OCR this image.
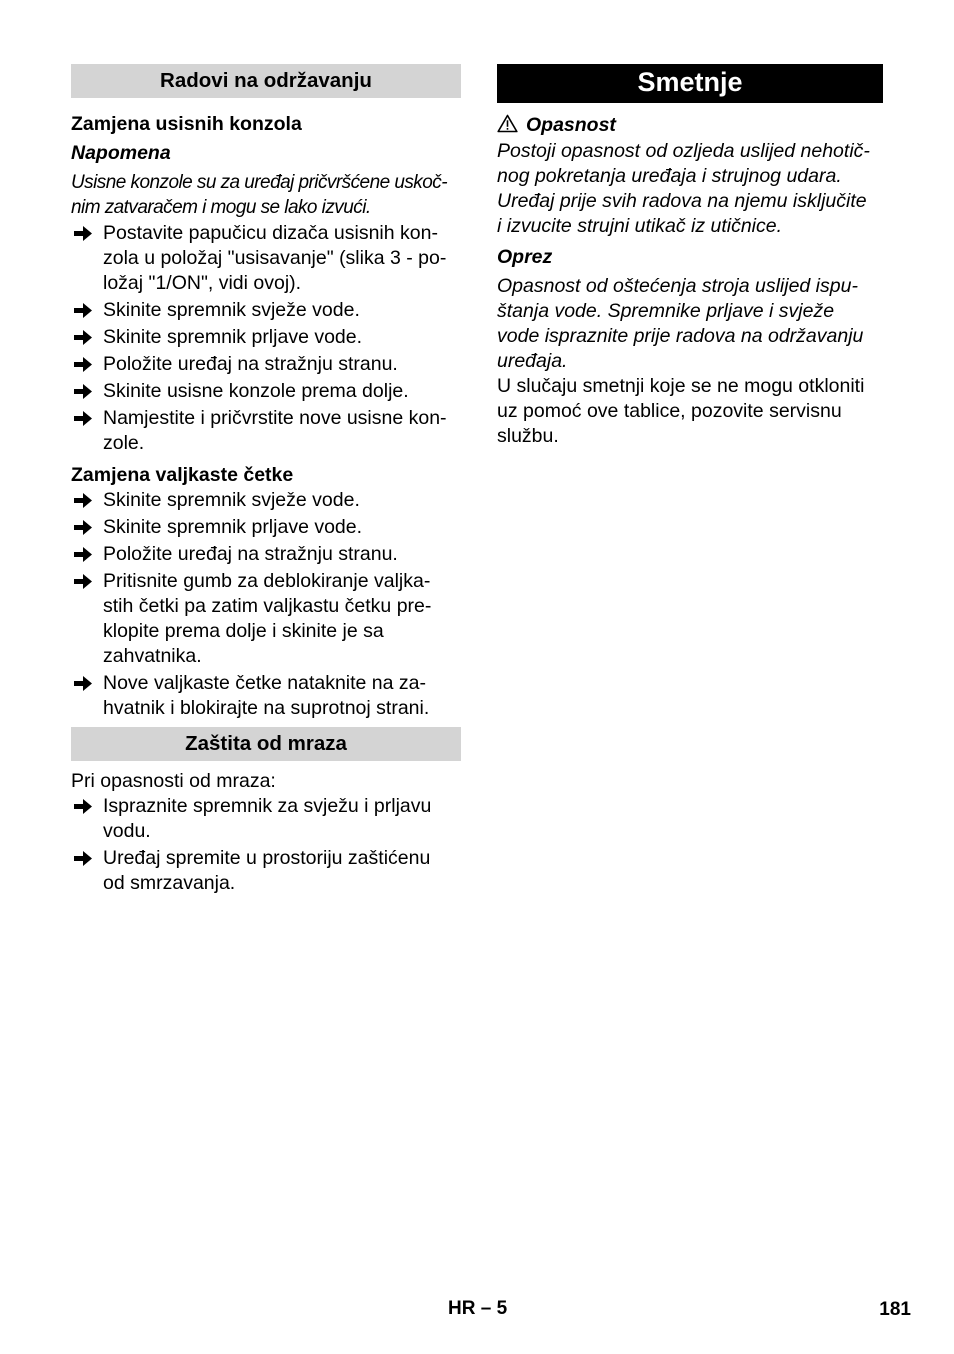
Radovi na održavanju
Zamjena usisnih konzola
Napomena
Usisne konzole su za uređaj pričvršćene uskoč-
nim zatvaračem i mogu se lako izvući.
Postavite papučicu dizača usisnih kon-
zola u položaj "usisavanje" (slika 3 - po-
ložaj "1/ON", vidi ovoj).
Skinite spremnik svježe vode.
Skinite spremnik prljave vode.
Položite uređaj na stražnju stranu.
Skinite usisne konzole prema dolje.
Namjestite i pričvrstite nove usisne kon-
zole.
Zamjena valjkaste četke
Skinite spremnik svježe vode.
Skinite spremnik prljave vode.
Položite uređaj na stražnju stranu.
Pritisnite gumb za deblokiranje valjka-
stih četki pa zatim valjkastu četku pre-
klopite prema dolje i skinite je sa
zahvatnika.
Nove valjkaste četke nataknite na za-
hvatnik i blokirajte na suprotnoj strani.
Zaštita od mraza
Pri opasnosti od mraza:
Ispraznite spremnik za svježu i prljavu
vodu.
Uređaj spremite u prostoriju zaštićenu
od smrzavanja.
Smetnje
Opasnost
Postoji opasnost od ozljeda uslijed nehotič-
nog pokretanja uređaja i strujnog udara.
Uređaj prije svih radova na njemu isključite
i izvucite strujni utikač iz utičnice.
Oprez
Opasnost od oštećenja stroja uslijed ispu-
štanja vode. Spremnike prljave i svježe
vode ispraznite prije radova na održavanju
uređaja.
U slučaju smetnji koje se ne mogu otkloniti
uz pomoć ove tablice, pozovite servisnu
službu.
HR – 5	181
